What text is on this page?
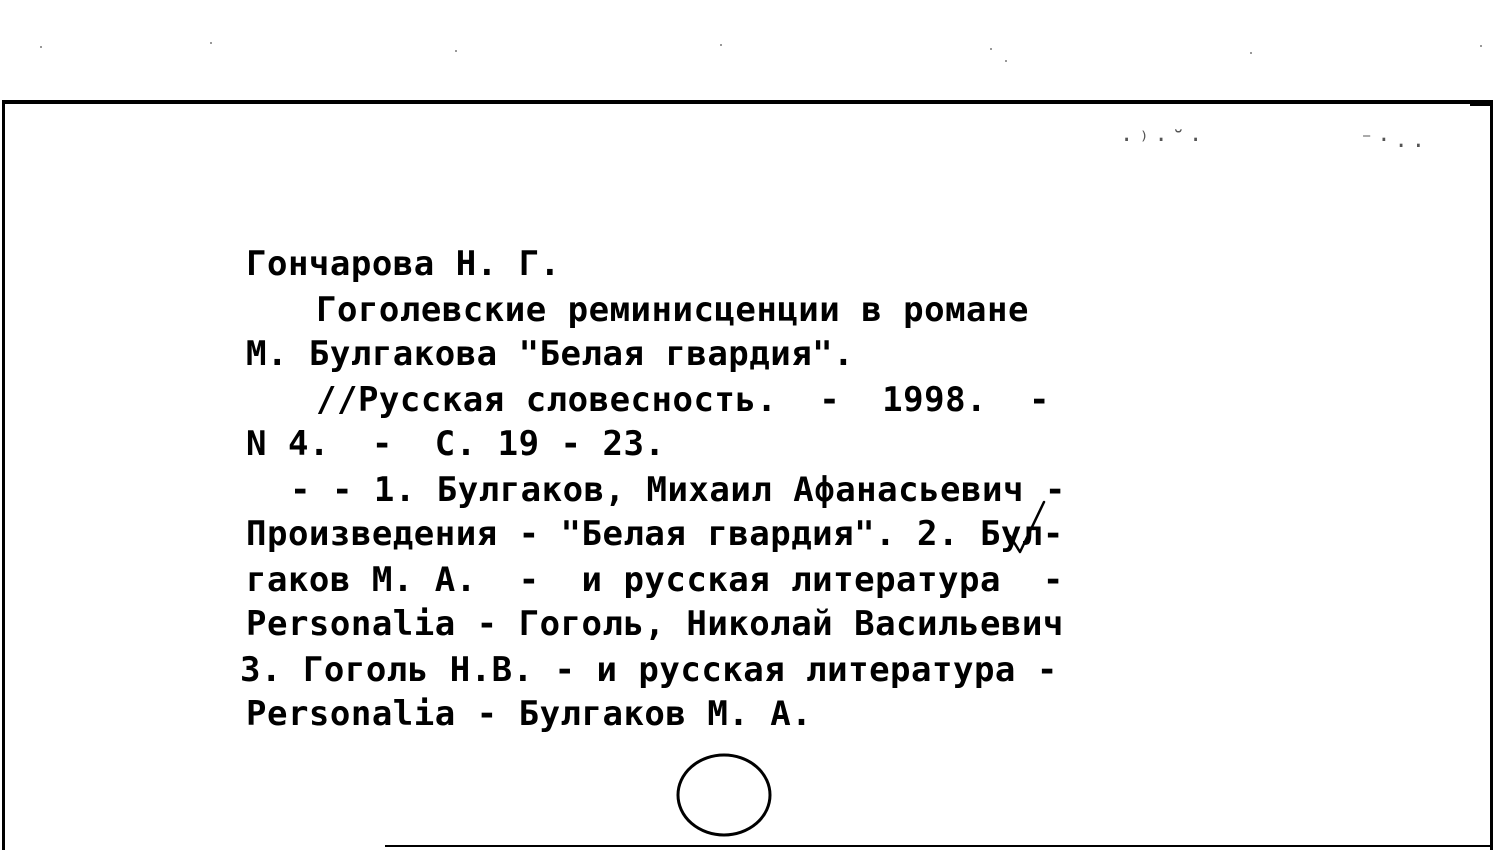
·⁾·˘·	⁻·..
Гончарова Н. Г.
Гоголевские реминисценции в романе
М. Булгакова "Белая гвардия".
//Русская словесность.  -  1998.  -
N 4.  -  С. 19 - 23.
- - 1. Булгаков, Михаил Афанасьевич -
Произведения - "Белая гвардия". 2. Бул-
гаков М. А.  -  и русская литература  -
Personalia - Гоголь, Николай Васильевич
3. Гоголь Н.В. - и русская литература -
Personalia - Булгаков М. А.
